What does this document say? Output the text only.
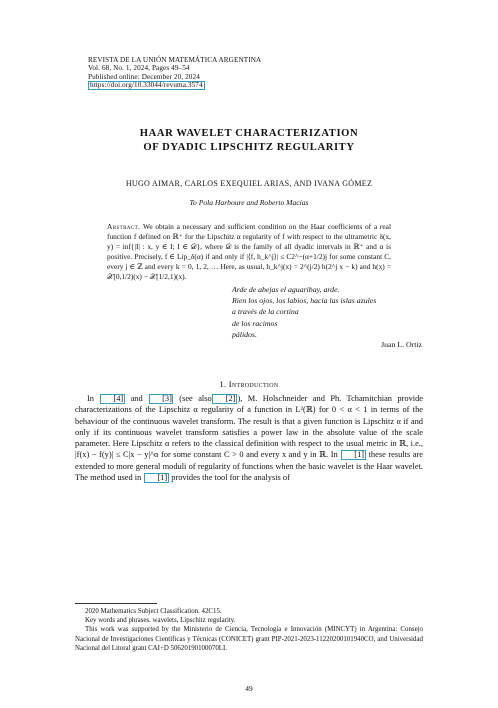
REVISTA DE LA UNIÓN MATEMÁTICA ARGENTINA
Vol. 68, No. 1, 2024, Pages 49–54
Published online: December 20, 2024
https://doi.org/10.33044/revuma.3574
HAAR WAVELET CHARACTERIZATION
OF DYADIC LIPSCHITZ REGULARITY
HUGO AIMAR, CARLOS EXEQUIEL ARIAS, AND IVANA GÓMEZ
To Pola Harboure and Roberto Macías
Abstract. We obtain a necessary and sufficient condition on the Haar coefficients of a real function f defined on ℝ⁺ for the Lipschitz α regularity of f with respect to the ultrametric δ(x, y) = inf{|I| : x, y ∈ I; I ∈ 𝒟}, where 𝒟 is the family of all dyadic intervals in ℝ⁺ and α is positive. Precisely, f ∈ Lip_δ(α) if and only if |⟨f, h_k^j⟩| ≤ C2^−(α+1/2)j for some constant C, every j ∈ ℤ and every k = 0, 1, 2, … Here, as usual, h_k^j(x) = 2^(j/2) h(2^j x − k) and h(x) = 𝒳[0,1/2)(x) − 𝒳[1/2,1)(x).
Arde de abejas el aguaribay, arde.
Rien los ojos, los labios, hacia las islas azules
a través de la cortina
de los racimos
pálidos.
Juan L. Ortiz
1. Introduction

In [4] and [3] (see also [2] ), M. Holschneider and Ph. Tchamitchian provide characterizations of the Lipschitz α regularity of a function in L²(ℝ) for 0 < α < 1 in terms of the behaviour of the continuous wavelet transform. The result is that a given function is Lipschitz α if and only if its continuous wavelet transform satisfies a power law in the absolute value of the scale parameter. Here Lipschitz α refers to the classical definition with respect to the usual metric in ℝ, i.e., |f(x) − f(y)| ≤ C|x − y|^α for some constant C > 0 and every x and y in ℝ. In [1] these results are extended to more general moduli of regularity of functions when the basic wavelet is the Haar wavelet. The method used in [1] provides the tool for the analysis of

2020 Mathematics Subject Classification. 42C15.

Key words and phrases. wavelets, Lipschitz regularity.

This work was supported by the Ministerio de Ciencia, Tecnología e Innovación (MINCYT) in Argentina: Consejo Nacional de Investigaciones Científicas y Técnicas (CONICET) grant PIP-2021-2023-11220200101940CO, and Universidad Nacional del Litoral grant CAI+D 50620190100070LI.

49
